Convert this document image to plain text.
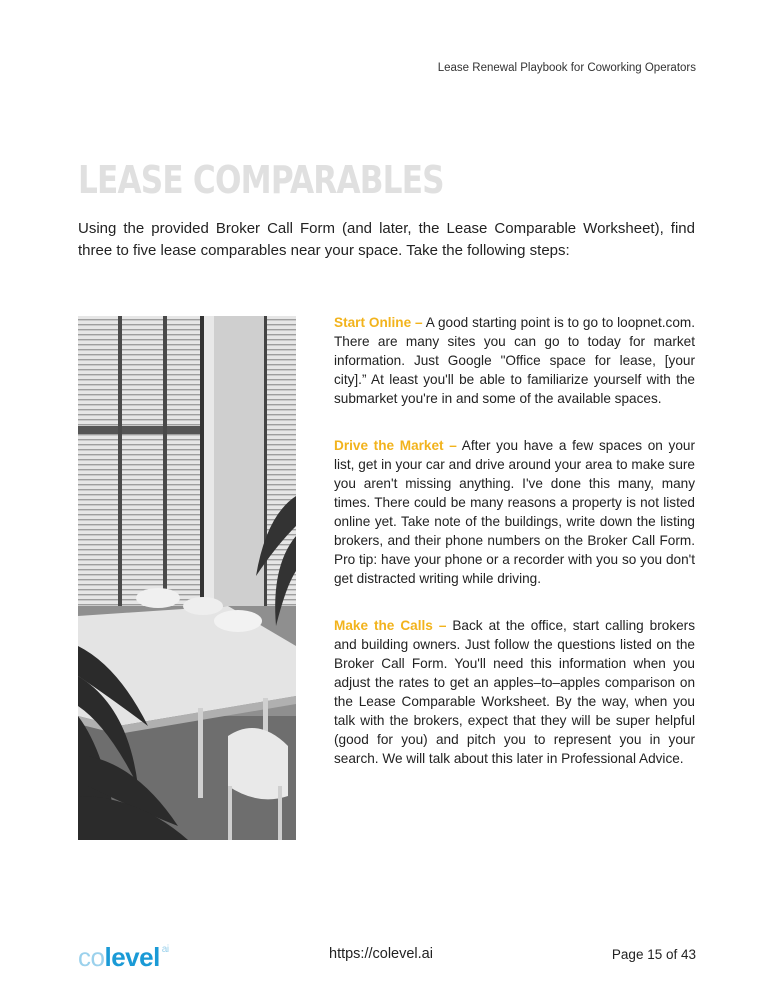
Lease Renewal Playbook for Coworking Operators
LEASE COMPARABLES

Using the provided Broker Call Form (and later, the Lease Comparable Worksheet), find three to five lease comparables near your space. Take the following steps:

Start Online – A good starting point is to go to loopnet.com. There are many sites you can go to today for market information. Just Google "Office space for lease, [your city].” At least you'll be able to familiarize yourself with the submarket you're in and some of the available spaces.

Drive the Market – After you have a few spaces on your list, get in your car and drive around your area to make sure you aren't missing anything. I've done this many, many times. There could be many reasons a property is not listed online yet. Take note of the buildings, write down the listing brokers, and their phone numbers on the Broker Call Form. Pro tip: have your phone or a recorder with you so you don't get distracted writing while driving.

Make the Calls – Back at the office, start calling brokers and building owners. Just follow the questions listed on the Broker Call Form. You'll need this information when you adjust the rates to get an apples–to–apples comparison on the Lease Comparable Worksheet. By the way, when you talk with the brokers, expect that they will be super helpful (good for you) and pitch you to represent you in your search. We will talk about this later in Professional Advice.

colevel $^{ai}$	https://colevel.ai	Page 15 of 43
